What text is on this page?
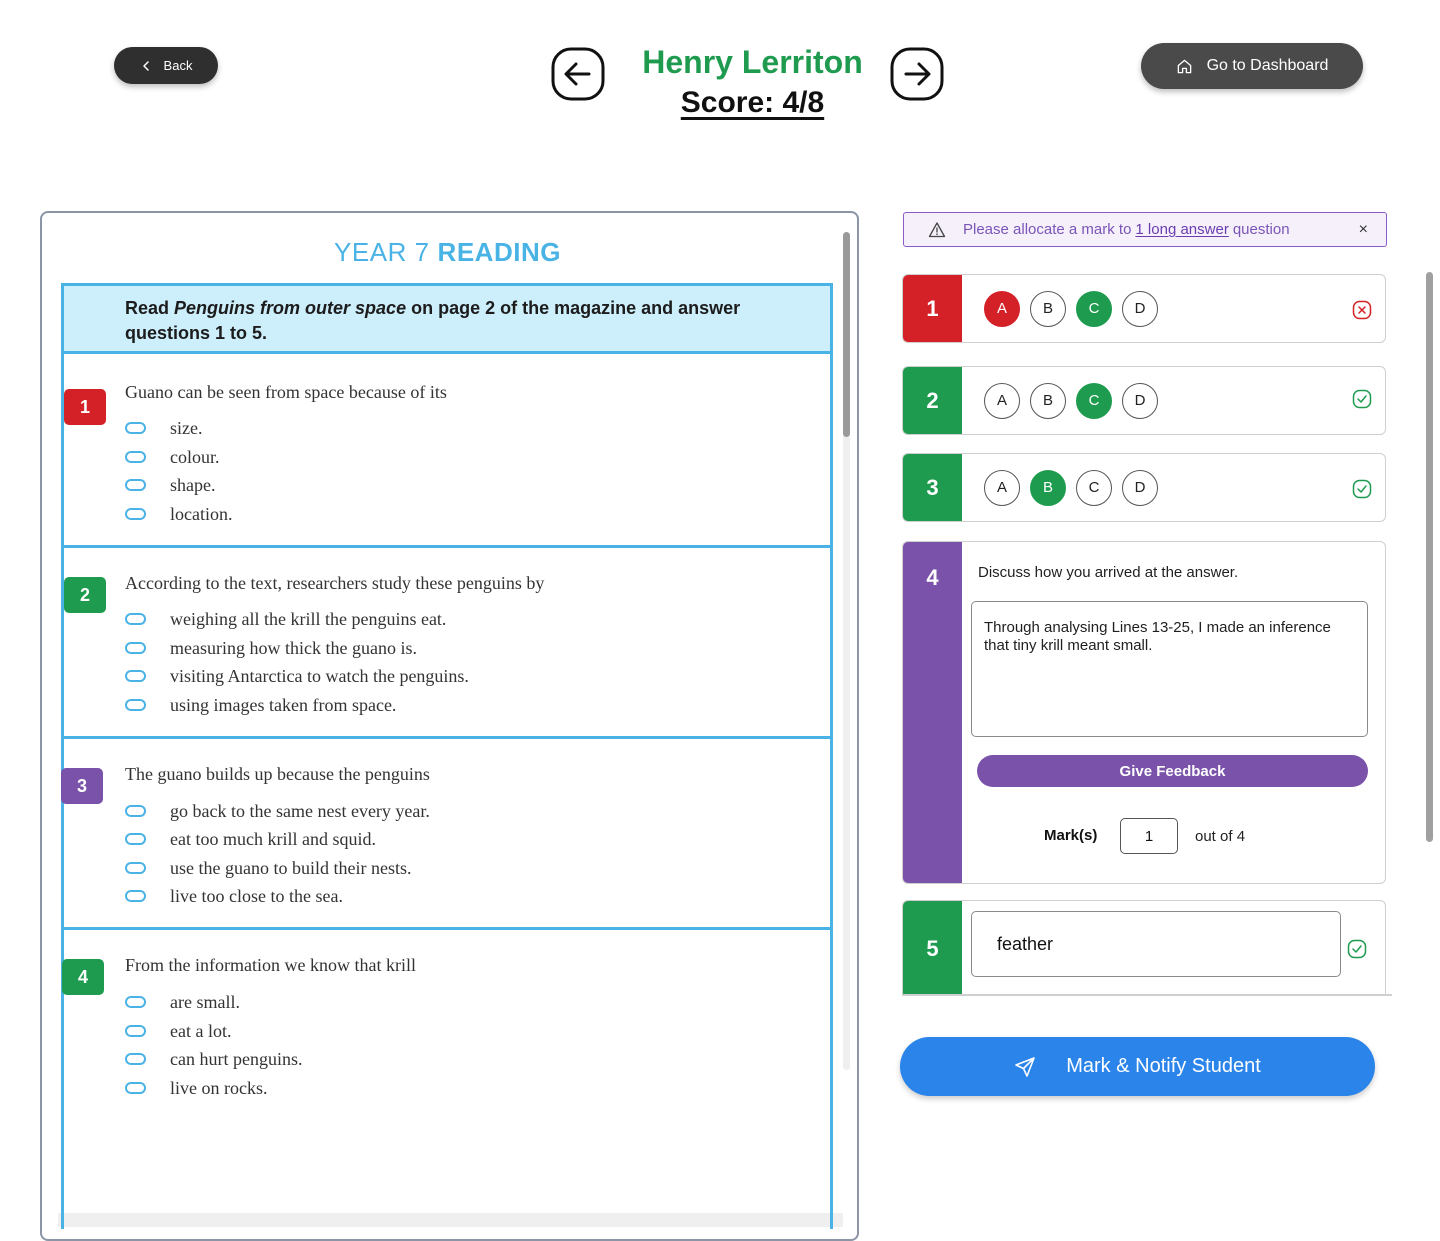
Back	Henry Lerriton
Score: 4/8
Go to Dashboard
YEAR 7 READING
Read Penguins from outer space on page 2 of the magazine and answer questions 1 to 5.
1
Guano can be seen from space because of its
size.
colour.
shape.
location.
2
According to the text, researchers study these penguins by
weighing all the krill the penguins eat.
measuring how thick the guano is.
visiting Antarctica to watch the penguins.
using images taken from space.
3
The guano builds up because the penguins
go back to the same nest every year.
eat too much krill and squid.
use the guano to build their nests.
live too close to the sea.
4
From the information we know that krill
are small.
eat a lot.
can hurt penguins.
live on rocks.
Please allocate a mark to 1 long answer question	×
1	A	B	C	D
2	A	B	C	D
3	A	B	C	D
4	Discuss how you arrived at the answer.
Through analysing Lines 13-25, I made an inference that tiny krill meant small.
Give Feedback
Mark(s)	1	out of 4
5	feather
Mark & Notify Student
